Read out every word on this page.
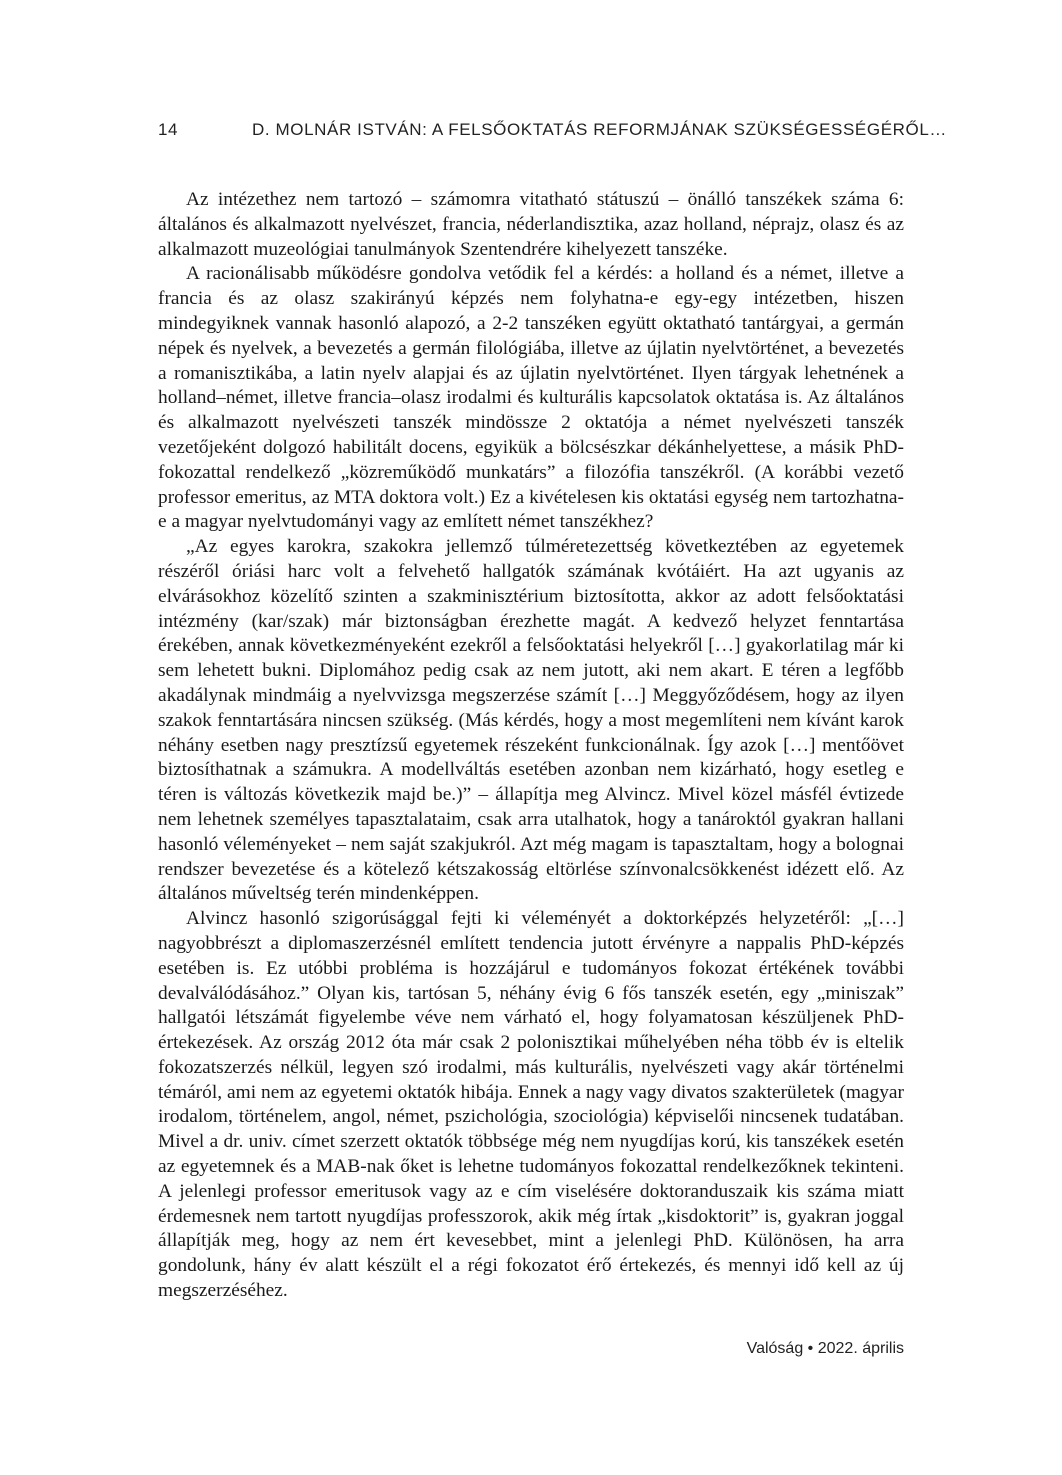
14	D. MOLNÁR ISTVÁN: A FELSŐOKTATÁS REFORMJÁNAK SZÜKSÉGESSÉGÉRŐL…

Az intézethez nem tartozó – számomra vitatható státuszú – önálló tanszékek száma 6: általános és alkalmazott nyelvészet, francia, néderlandisztika, azaz holland, néprajz, olasz és az alkalmazott muzeológiai tanulmányok Szentendrére kihelyezett tanszéke.

A racionálisabb működésre gondolva vetődik fel a kérdés: a holland és a német, illetve a francia és az olasz szakirányú képzés nem folyhatna-e egy-egy intézetben, hiszen mindegyiknek vannak hasonló alapozó, a 2-2 tanszéken együtt oktatható tantárgyai, a germán népek és nyelvek, a bevezetés a germán filológiába, illetve az újlatin nyelvtörténet, a bevezetés a romanisztikába, a latin nyelv alapjai és az újlatin nyelvtörténet. Ilyen tárgyak lehetnének a holland–német, illetve francia–olasz irodalmi és kulturális kapcsolatok oktatása is. Az általános és alkalmazott nyelvészeti tanszék mindössze 2 oktatója a német nyelvészeti tanszék vezetőjeként dolgozó habilitált docens, egyikük a bölcsészkar dékánhelyettese, a másik PhD-fokozattal rendelkező „közreműködő munkatárs” a filozófia tanszékről. (A korábbi vezető professor emeritus, az MTA doktora volt.) Ez a kivételesen kis oktatási egység nem tartozhatna-e a magyar nyelvtudományi vagy az említett német tanszékhez?

„Az egyes karokra, szakokra jellemző túlméretezettség következtében az egyetemek részéről óriási harc volt a felvehető hallgatók számának kvótáiért. Ha azt ugyanis az elvárásokhoz közelítő szinten a szakminisztérium biztosította, akkor az adott felsőoktatási intézmény (kar/szak) már biztonságban érezhette magát. A kedvező helyzet fenntartása érekében, annak következményeként ezekről a felsőoktatási helyekről […] gyakorlatilag már ki sem lehetett bukni. Diplomához pedig csak az nem jutott, aki nem akart. E téren a legfőbb akadálynak mindmáig a nyelvvizsga megszerzése számít […] Meggyőződésem, hogy az ilyen szakok fenntartására nincsen szükség. (Más kérdés, hogy a most megemlíteni nem kívánt karok néhány esetben nagy presztízsű egyetemek részeként funkcionálnak. Így azok […] mentőövet biztosíthatnak a számukra. A modellváltás esetében azonban nem kizárható, hogy esetleg e téren is változás következik majd be.)” – állapítja meg Alvincz. Mivel közel másfél évtizede nem lehetnek személyes tapasztalataim, csak arra utalhatok, hogy a tanároktól gyakran hallani hasonló véleményeket – nem saját szakjukról. Azt még magam is tapasztaltam, hogy a bolognai rendszer bevezetése és a kötelező kétszakosság eltörlése színvonalcsökkenést idézett elő. Az általános műveltség terén mindenképpen.

Alvincz hasonló szigorúsággal fejti ki véleményét a doktorképzés helyzetéről: „[…] nagyobbrészt a diplomaszerzésnél említett tendencia jutott érvényre a nappalis PhD-képzés esetében is. Ez utóbbi probléma is hozzájárul e tudományos fokozat értékének további devalválódásához.” Olyan kis, tartósan 5, néhány évig 6 fős tanszék esetén, egy „miniszak” hallgatói létszámát figyelembe véve nem várható el, hogy folyamatosan készüljenek PhD-értekezések. Az ország 2012 óta már csak 2 polonisztikai műhelyében néha több év is eltelik fokozatszerzés nélkül, legyen szó irodalmi, más kulturális, nyelvészeti vagy akár történelmi témáról, ami nem az egyetemi oktatók hibája. Ennek a nagy vagy divatos szakterületek (magyar irodalom, történelem, angol, német, pszichológia, szociológia) képviselői nincsenek tudatában. Mivel a dr. univ. címet szerzett oktatók többsége még nem nyugdíjas korú, kis tanszékek esetén az egyetemnek és a MAB-nak őket is lehetne tudományos fokozattal rendelkezőknek tekinteni. A jelenlegi professor emeritusok vagy az e cím viselésére doktoranduszaik kis száma miatt érdemesnek nem tartott nyugdíjas professzorok, akik még írtak „kisdoktorit” is, gyakran joggal állapítják meg, hogy az nem ért kevesebbet, mint a jelenlegi PhD. Különösen, ha arra gondolunk, hány év alatt készült el a régi fokozatot érő értekezés, és mennyi idő kell az új megszerzéséhez.

Valóság • 2022. április
